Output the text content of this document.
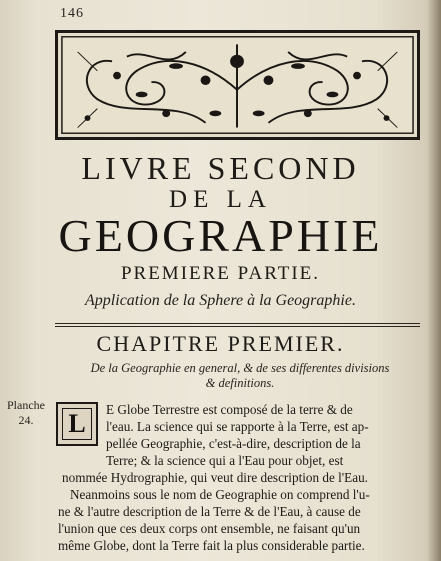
146
LIVRE SECOND
DE LA
GEOGRAPHIE
PREMIERE PARTIE.
Application de la Sphere à la Geographie.
CHAPITRE PREMIER.
De la Geographie en general, & de ses differentes divisions
& definitions.
Planche
24.	L	E Globe Terrestre est composé de la terre & de
l'eau. La science qui se rapporte à la Terre, est ap-
pellée Geographie, c'est-à-dire, description de la
Terre; & la science qui a l'Eau pour objet, est
nommée Hydrographie, qui veut dire description de l'Eau.
Neanmoins sous le nom de Geographie on comprend l'u-
ne & l'autre description de la Terre & de l'Eau, à cause de
l'union que ces deux corps ont ensemble, ne faisant qu'un
même Globe, dont la Terre fait la plus considerable partie.
